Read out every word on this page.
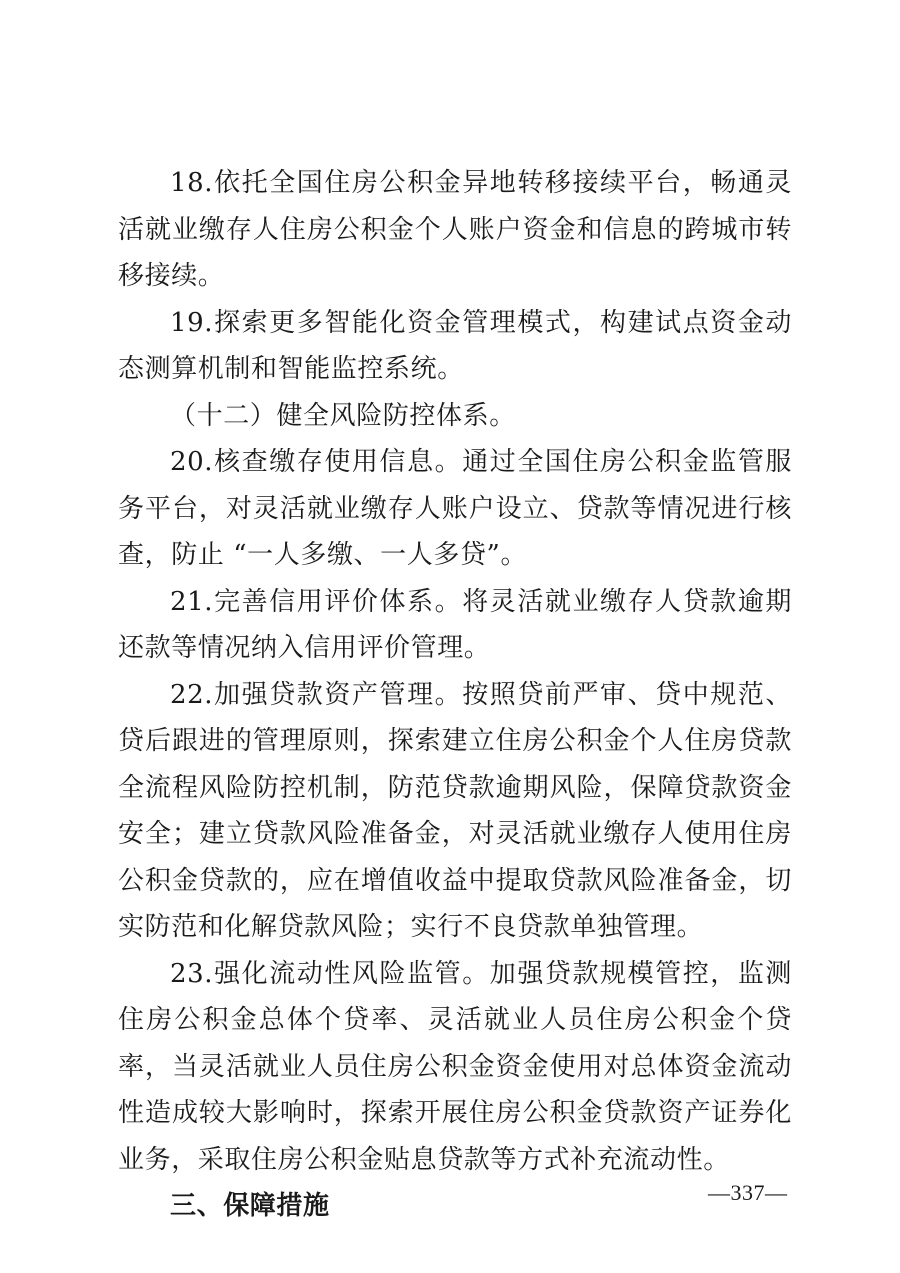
18.依托全国住房公积金异地转移接续平台，畅通灵活就业缴存人住房公积金个人账户资金和信息的跨城市转移接续。

19.探索更多智能化资金管理模式，构建试点资金动态测算机制和智能监控系统。

（十二）健全风险防控体系。

20.核查缴存使用信息。通过全国住房公积金监管服务平台，对灵活就业缴存人账户设立、贷款等情况进行核查，防止 “一人多缴、一人多贷”。

21.完善信用评价体系。将灵活就业缴存人贷款逾期还款等情况纳入信用评价管理。

22.加强贷款资产管理。按照贷前严审、贷中规范、贷后跟进的管理原则，探索建立住房公积金个人住房贷款全流程风险防控机制，防范贷款逾期风险，保障贷款资金安全；建立贷款风险准备金，对灵活就业缴存人使用住房公积金贷款的，应在增值收益中提取贷款风险准备金，切实防范和化解贷款风险；实行不良贷款单独管理。

23.强化流动性风险监管。加强贷款规模管控，监测住房公积金总体个贷率、灵活就业人员住房公积金个贷率，当灵活就业人员住房公积金资金使用对总体资金流动性造成较大影响时，探索开展住房公积金贷款资产证券化业务，采取住房公积金贴息贷款等方式补充流动性。

三、保障措施	—337—
